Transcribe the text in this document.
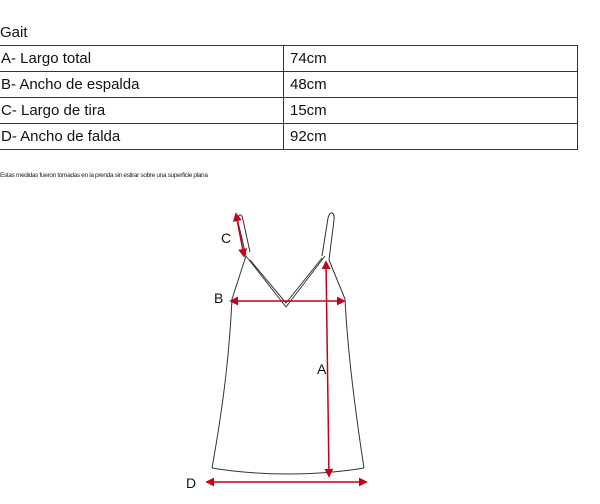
Gait
A- Largo total	74cm
B- Ancho de espalda	48cm
C- Largo de tira	15cm
D- Ancho de falda	92cm
Estas medidas fueron tomadas en la prenda sin estirar sobre una superficie plana
C
B
A
D
